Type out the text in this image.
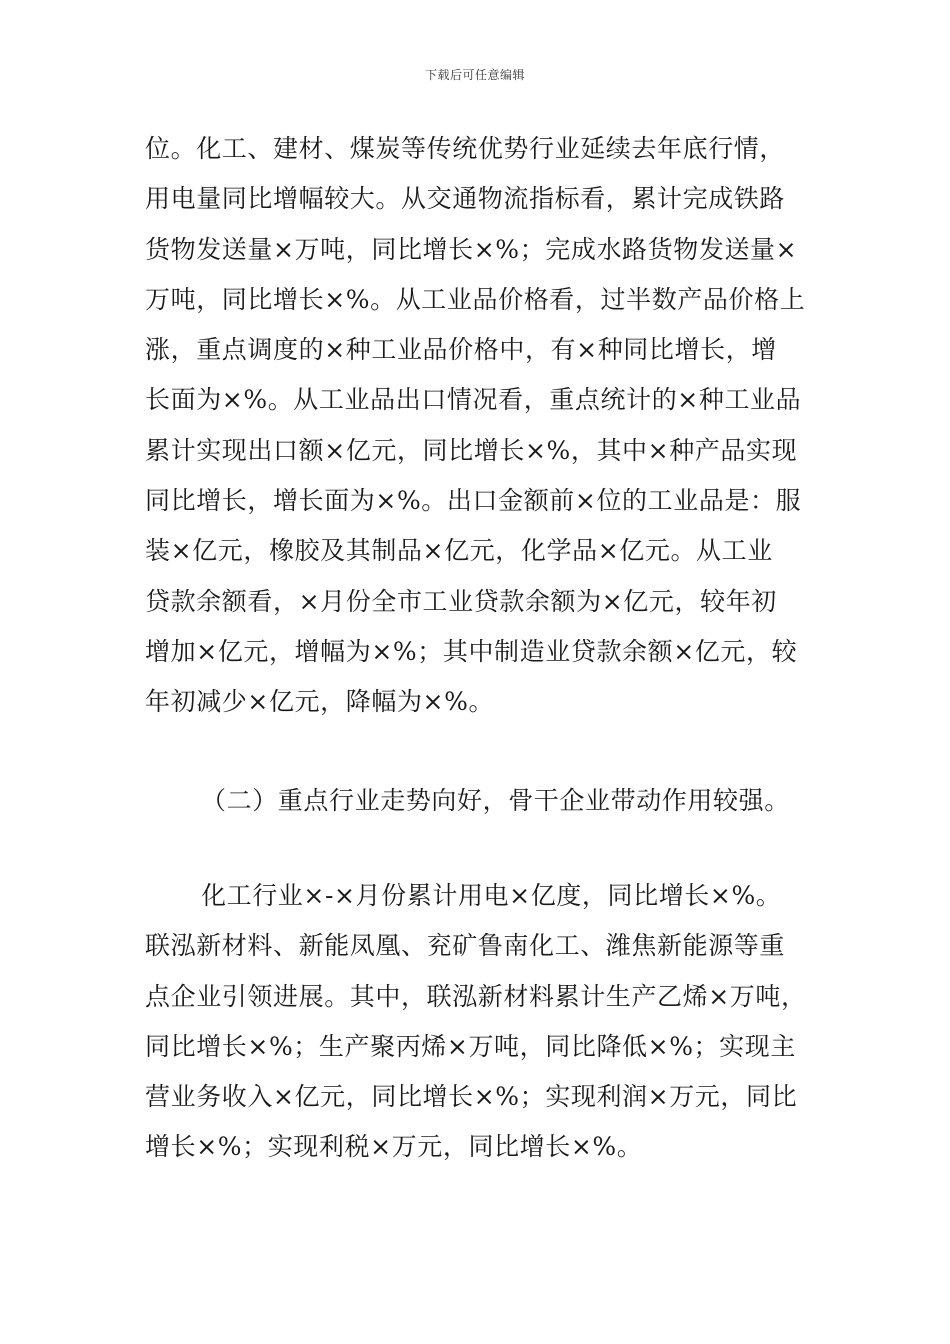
下载后可任意编辑
位。化工、建材、煤炭等传统优势行业延续去年底行情，
用电量同比增幅较大。从交通物流指标看，累计完成铁路
货物发送量×万吨，同比增长×%；完成水路货物发送量×
万吨，同比增长×%。从工业品价格看，过半数产品价格上
涨，重点调度的×种工业品价格中，有×种同比增长，增
长面为×%。从工业品出口情况看，重点统计的×种工业品
累计实现出口额×亿元，同比增长×%，其中×种产品实现
同比增长，增长面为×%。出口金额前×位的工业品是：服
装×亿元，橡胶及其制品×亿元，化学品×亿元。从工业
贷款余额看，×月份全市工业贷款余额为×亿元，较年初
增加×亿元，增幅为×%；其中制造业贷款余额×亿元，较
年初减少×亿元，降幅为×%。
（二）重点行业走势向好，骨干企业带动作用较强。
化工行业×-×月份累计用电×亿度，同比增长×%。
联泓新材料、新能凤凰、兖矿鲁南化工、潍焦新能源等重
点企业引领进展。其中，联泓新材料累计生产乙烯×万吨，
同比增长×%；生产聚丙烯×万吨，同比降低×%；实现主
营业务收入×亿元，同比增长×%；实现利润×万元，同比
增长×%；实现利税×万元，同比增长×%。
